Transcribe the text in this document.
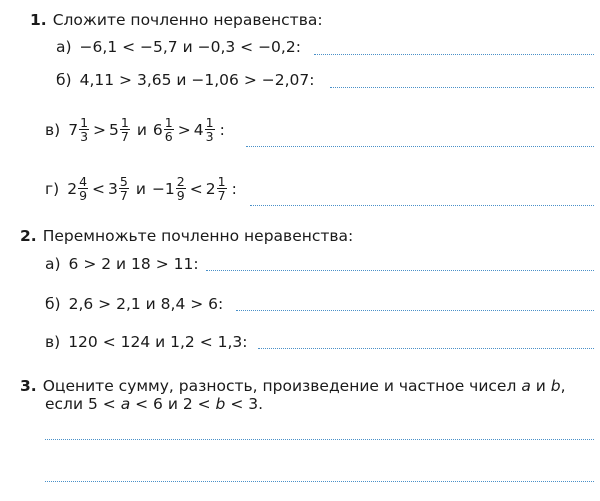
1. Сложите почленно неравенства:
а) −6,1 < −5,7 и −0,3 < −0,2:
б) 4,11 > 3,65 и −1,06 > −2,07:
в) $7 \frac{1}{3} > 5 \frac{1}{7}$ и $6 \frac{1}{6} > 4 \frac{1}{3}$ :
г) $2 \frac{4}{9} < 3 \frac{5}{7}$ $и -1 \frac{2}{9} < 2 \frac{1}{7}$ :
2. Перемножьте почленно неравенства:
а) 6 > 2 и 18 > 11:
б) 2,6 > 2,1 и 8,4 > 6:
в) 120 < 124 и 1,2 < 1,3:
3. Оцените сумму, разность, произведение и частное чисел a и b,
если 5 < a < 6 и 2 < b < 3.
